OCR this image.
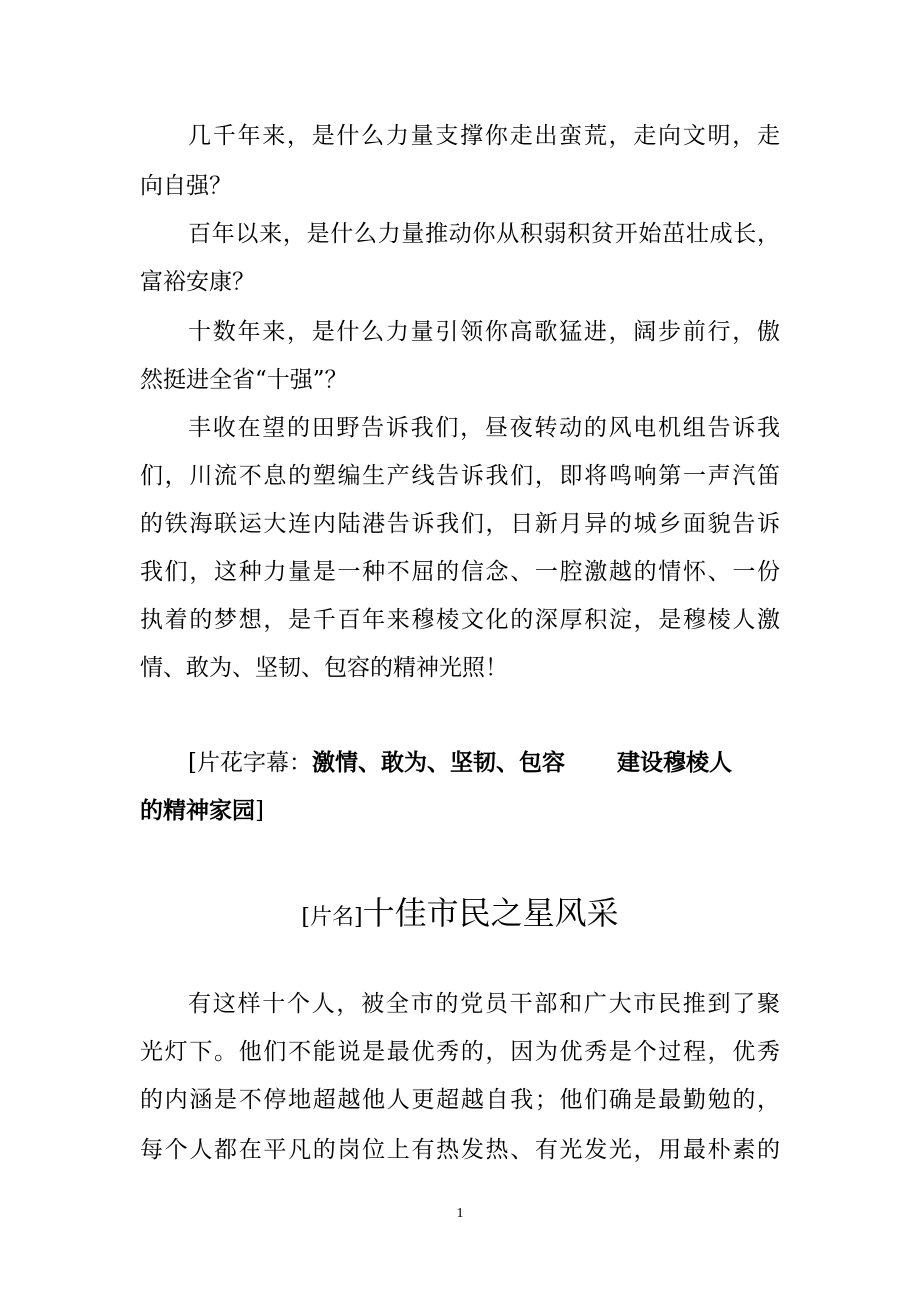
几千年来，是什么力量支撑你走出蛮荒，走向文明，走
向自强？
百年以来，是什么力量推动你从积弱积贫开始茁壮成长，
富裕安康？
十数年来，是什么力量引领你高歌猛进，阔步前行，傲
然挺进全省“十强”？
丰收在望的田野告诉我们，昼夜转动的风电机组告诉我
们，川流不息的塑编生产线告诉我们，即将鸣响第一声汽笛
的铁海联运大连内陆港告诉我们，日新月异的城乡面貌告诉
我们，这种力量是一种不屈的信念、一腔激越的情怀、一份
执着的梦想，是千百年来穆棱文化的深厚积淀，是穆棱人激
情、敢为、坚韧、包容的精神光照！
[片花字幕：激情、敢为、坚韧、包容 建设穆棱人
的精神家园]
[片名]十佳市民之星风采
有这样十个人，被全市的党员干部和广大市民推到了聚
光灯下。他们不能说是最优秀的，因为优秀是个过程，优秀
的内涵是不停地超越他人更超越自我；他们确是最勤勉的，
每个人都在平凡的岗位上有热发热、有光发光，用最朴素的
1
